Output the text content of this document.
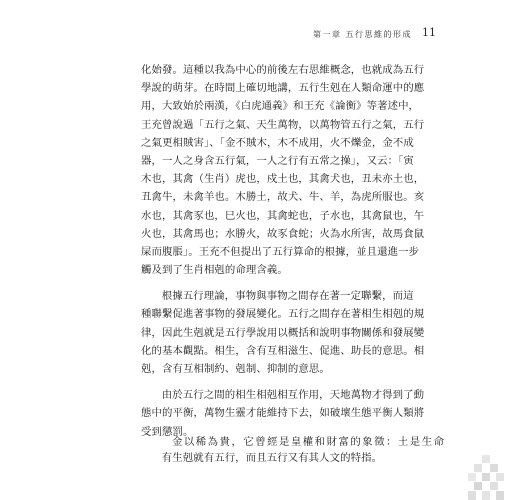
第一章 五行思維的形成 11
化始發。這種以我為中心的前後左右思維概念，也就成為五行
學說的萌芽。在時間上確切地講，五行生剋在人類命運中的應
用，大致始於兩漢，《白虎通義》和王充《論衡》等著述中，
王充曾說過「五行之氣、天生萬物，以萬物管五行之氣，五行
之氣更相賊害」、「金不賊木，木不成用，火不爍金，金不成
器，一人之身含五行氣，一人之行有五常之操」，又云：「寅
木也，其禽（生肖）虎也，戍土也，其禽犬也，丑未亦土也，
丑禽牛，未禽羊也。木勝土，故犬、牛、羊，為虎所服也。亥
水也，其禽豕也，巳火也，其禽蛇也，子水也，其禽鼠也，午
火也，其禽馬也；水勝火，故豕食蛇；火為水所害，故馬食鼠
屎而腹脹」。王充不但提出了五行算命的根據，並且還進一步
觸及到了生肖相剋的命理含義。
根據五行理論，事物與事物之間存在著一定聯繫，而這
種聯繫促進著事物的發展變化。五行之間存在著相生相剋的規
律，因此生剋就是五行學說用以概括和說明事物關係和發展變
化的基本觀點。相生，含有互相滋生、促進、助長的意思。相
剋，含有互相制約、剋制、抑制的意思。
由於五行之間的相生相剋相互作用，天地萬物才得到了動
態中的平衡，萬物生靈才能維持下去，如破壞生態平衡人類將
受到懲罰。
有生剋就有五行，而且五行又有其人文的特指。
金以稀為貴，它曾經是皇權和財富的象徵：土是生命
